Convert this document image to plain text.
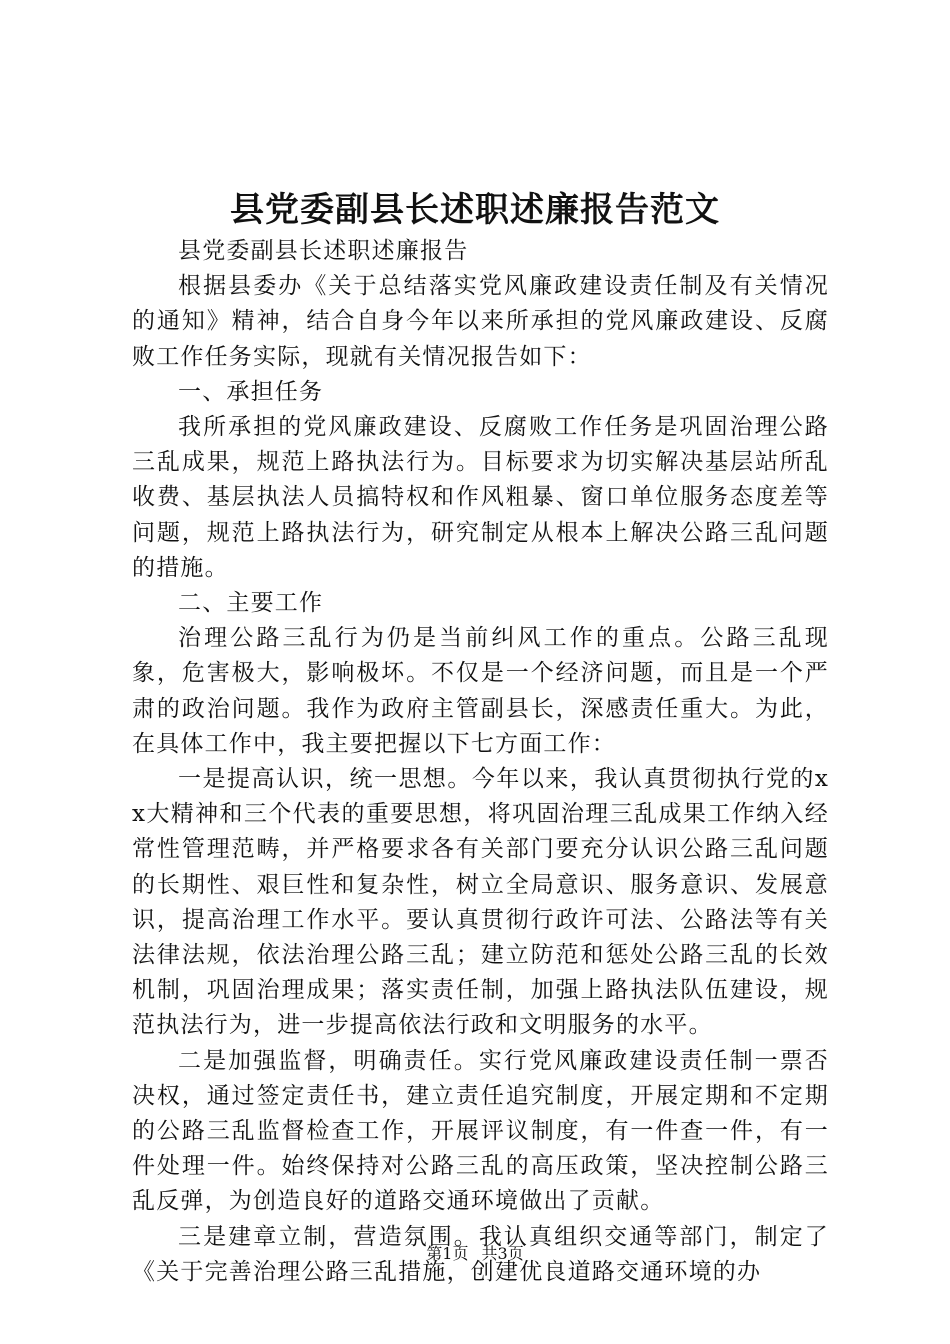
县党委副县长述职述廉报告范文

县党委副县长述职述廉报告

根据县委办《关于总结落实党风廉政建设责任制及有关情况的通知》精神，结合自身今年以来所承担的党风廉政建设、反腐败工作任务实际，现就有关情况报告如下：

一、承担任务

我所承担的党风廉政建设、反腐败工作任务是巩固治理公路三乱成果，规范上路执法行为。目标要求为切实解决基层站所乱收费、基层执法人员搞特权和作风粗暴、窗口单位服务态度差等问题，规范上路执法行为，研究制定从根本上解决公路三乱问题的措施。

二、主要工作

治理公路三乱行为仍是当前纠风工作的重点。公路三乱现象，危害极大，影响极坏。不仅是一个经济问题，而且是一个严肃的政治问题。我作为政府主管副县长，深感责任重大。为此，在具体工作中，我主要把握以下七方面工作：

一是提高认识，统一思想。今年以来，我认真贯彻执行党的xx大精神和三个代表的重要思想，将巩固治理三乱成果工作纳入经常性管理范畴，并严格要求各有关部门要充分认识公路三乱问题的长期性、艰巨性和复杂性，树立全局意识、服务意识、发展意识，提高治理工作水平。要认真贯彻行政许可法、公路法等有关法律法规，依法治理公路三乱；建立防范和惩处公路三乱的长效机制，巩固治理成果；落实责任制，加强上路执法队伍建设，规范执法行为，进一步提高依法行政和文明服务的水平。

二是加强监督，明确责任。实行党风廉政建设责任制一票否决权，通过签定责任书，建立责任追究制度，开展定期和不定期的公路三乱监督检查工作，开展评议制度，有一件查一件，有一件处理一件。始终保持对公路三乱的高压政策，坚决控制公路三乱反弹，为创造良好的道路交通环境做出了贡献。

三是建章立制，营造氛围。我认真组织交通等部门，制定了《关于完善治理公路三乱措施，创建优良道路交通环境的办

第1页 共3页
